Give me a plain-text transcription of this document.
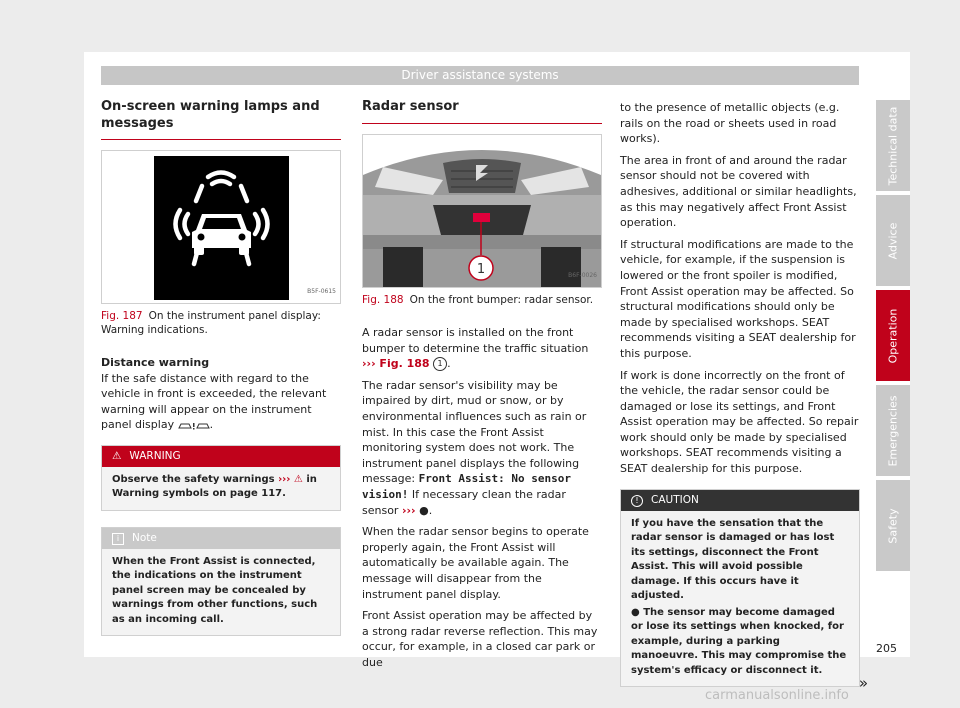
Driver assistance systems
On-screen warning lamps and messages
B5F-0615
Fig. 187 On the instrument panel display: Warning indications.
Distance warning

If the safe distance with regard to the vehicle in front is exceeded, the relevant warning will appear on the instrument panel display	.

⚠ WARNING
Observe the safety warnings ››› ⚠ in Warning symbols on page 117.
i Note
When the Front Assist is connected, the indications on the instrument panel screen may be concealed by warnings from other functions, such as an incoming call.
Radar sensor
1	B6F-0026
Fig. 188 On the front bumper: radar sensor.

A radar sensor is installed on the front bumper to determine the traffic situation ››› Fig. 188 1 .

The radar sensor's visibility may be impaired by dirt, mud or snow, or by environmental influences such as rain or mist. In this case the Front Assist monitoring system does not work. The instrument panel displays the following message: Front Assist: No sensor vision! If necessary clean the radar sensor ››› ●.

When the radar sensor begins to operate properly again, the Front Assist will automatically be available again. The message will disappear from the instrument panel display.

Front Assist operation may be affected by a strong radar reverse reflection. This may occur, for example, in a closed car park or due

to the presence of metallic objects (e.g. rails on the road or sheets used in road works).

The area in front of and around the radar sensor should not be covered with adhesives, additional or similar headlights, as this may negatively affect Front Assist operation.

If structural modifications are made to the vehicle, for example, if the suspension is lowered or the front spoiler is modified, Front Assist operation may be affected. So structural modifications should only be made by specialised workshops. SEAT recommends visiting a SEAT dealership for this purpose.

If work is done incorrectly on the front of the vehicle, the radar sensor could be damaged or lose its settings, and Front Assist operation may be affected. So repair work should only be made by specialised workshops. SEAT recommends visiting a SEAT dealership for this purpose.

! CAUTION
If you have the sensation that the radar sensor is damaged or has lost its settings, disconnect the Front Assist. This will avoid possible damage. If this occurs have it adjusted.
● The sensor may become damaged or lose its settings when knocked, for example, during a parking manoeuvre. This may compromise the system's efficacy or disconnect it.
»
Technical data
Advice
Operation
Emergencies
Safety
205
carmanualsonline.info
